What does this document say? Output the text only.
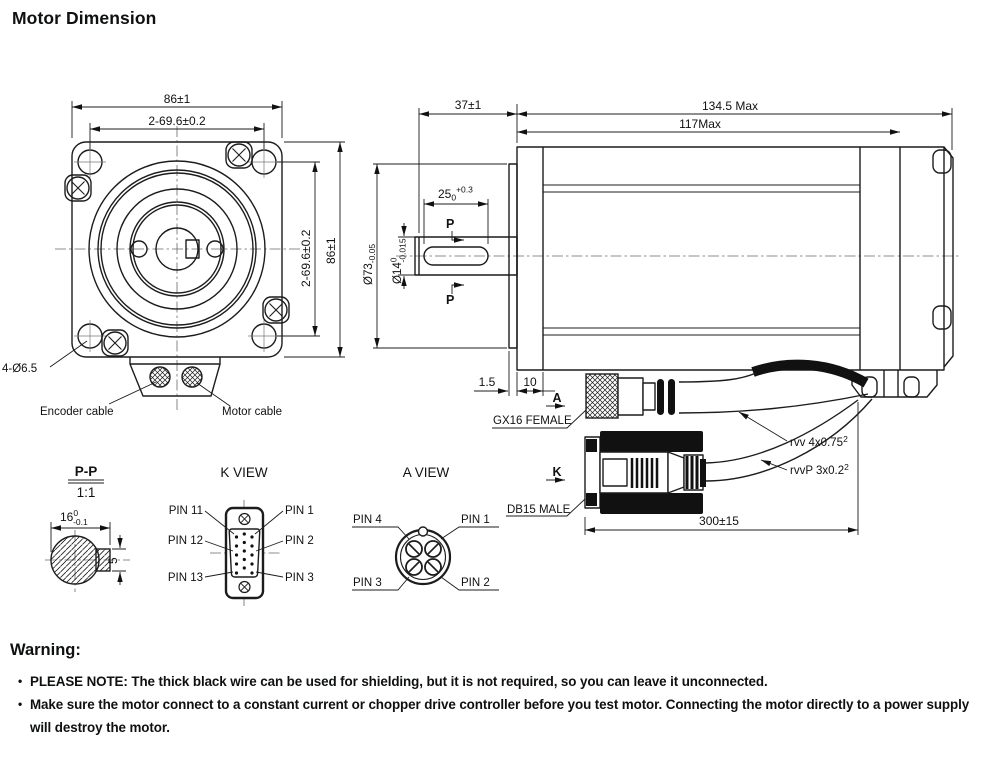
Motor Dimension
86±1
2-69.6±0.2
2-69.6±0.2 86±1
4-Ø6.5
Encoder cable	Motor cable
37±1	134.5 Max
117Max
$25_0^{+0.3}$
P
P
$Ø14^0-0.015$
$Ø73_{-0.05}$
1.5 10
A
GX16 FEMALE
K
DB15 MALE
rvv 4x0.75$^2$
rvvP $3x0.2^2$
300±15
P-P
1:1
$16^0$ -0.1
5
K VIEW
PIN 11
PIN 12
PIN 13
PIN 1
PIN 2
PIN 3
A VIEW
PIN 4	PIN 1
PIN 3	PIN 2
Warning:
• PLEASE NOTE: The thick black wire can be used for shielding, but it is not required, so you can leave it unconnected.
• Make sure the motor connect to a constant current or chopper drive controller before you test motor. Connecting the motor directly to a power supply will destroy the motor.
